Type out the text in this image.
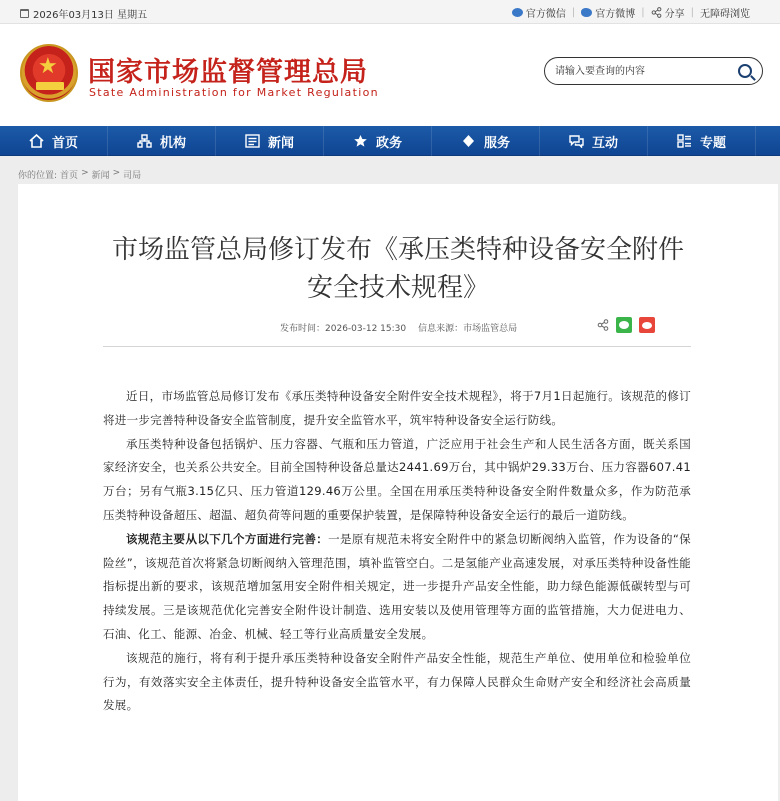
2026年03月13日 星期五	官方微信 | 官方微博 | 分享 | 无障碍浏览
★ 国家市场监督管理总局
State Administration for Market Regulation
请输入要查询的内容
首页	机构	新闻	政务	服务	互动	专题
你的位置: 首页 > 新闻 > 司局
市场监管总局修订发布《承压类特种设备安全附件安全技术规程》
发布时间：2026-03-12 15:30 信息来源：市场监管总局

近日，市场监管总局修订发布《承压类特种设备安全附件安全技术规程》，将于7月1日起施行。该规范的修订将进一步完善特种设备安全监管制度，提升安全监管水平，筑牢特种设备安全运行防线。

承压类特种设备包括锅炉、压力容器、气瓶和压力管道，广泛应用于社会生产和人民生活各方面，既关系国家经济安全，也关系公共安全。目前全国特种设备总量达2441.69万台，其中锅炉29.33万台、压力容器607.41万台；另有气瓶3.15亿只、压力管道129.46万公里。全国在用承压类特种设备安全附件数量众多，作为防范承压类特种设备超压、超温、超负荷等问题的重要保护装置，是保障特种设备安全运行的最后一道防线。

该规范主要从以下几个方面进行完善：一是原有规范未将安全附件中的紧急切断阀纳入监管，作为设备的“保险丝”，该规范首次将紧急切断阀纳入管理范围，填补监管空白。二是氢能产业高速发展，对承压类特种设备性能指标提出新的要求，该规范增加氢用安全附件相关规定，进一步提升产品安全性能，助力绿色能源低碳转型与可持续发展。三是该规范优化完善安全附件设计制造、选用安装以及使用管理等方面的监管措施，大力促进电力、石油、化工、能源、冶金、机械、轻工等行业高质量安全发展。

该规范的施行，将有利于提升承压类特种设备安全附件产品安全性能，规范生产单位、使用单位和检验单位行为，有效落实安全主体责任，提升特种设备安全监管水平，有力保障人民群众生命财产安全和经济社会高质量发展。
